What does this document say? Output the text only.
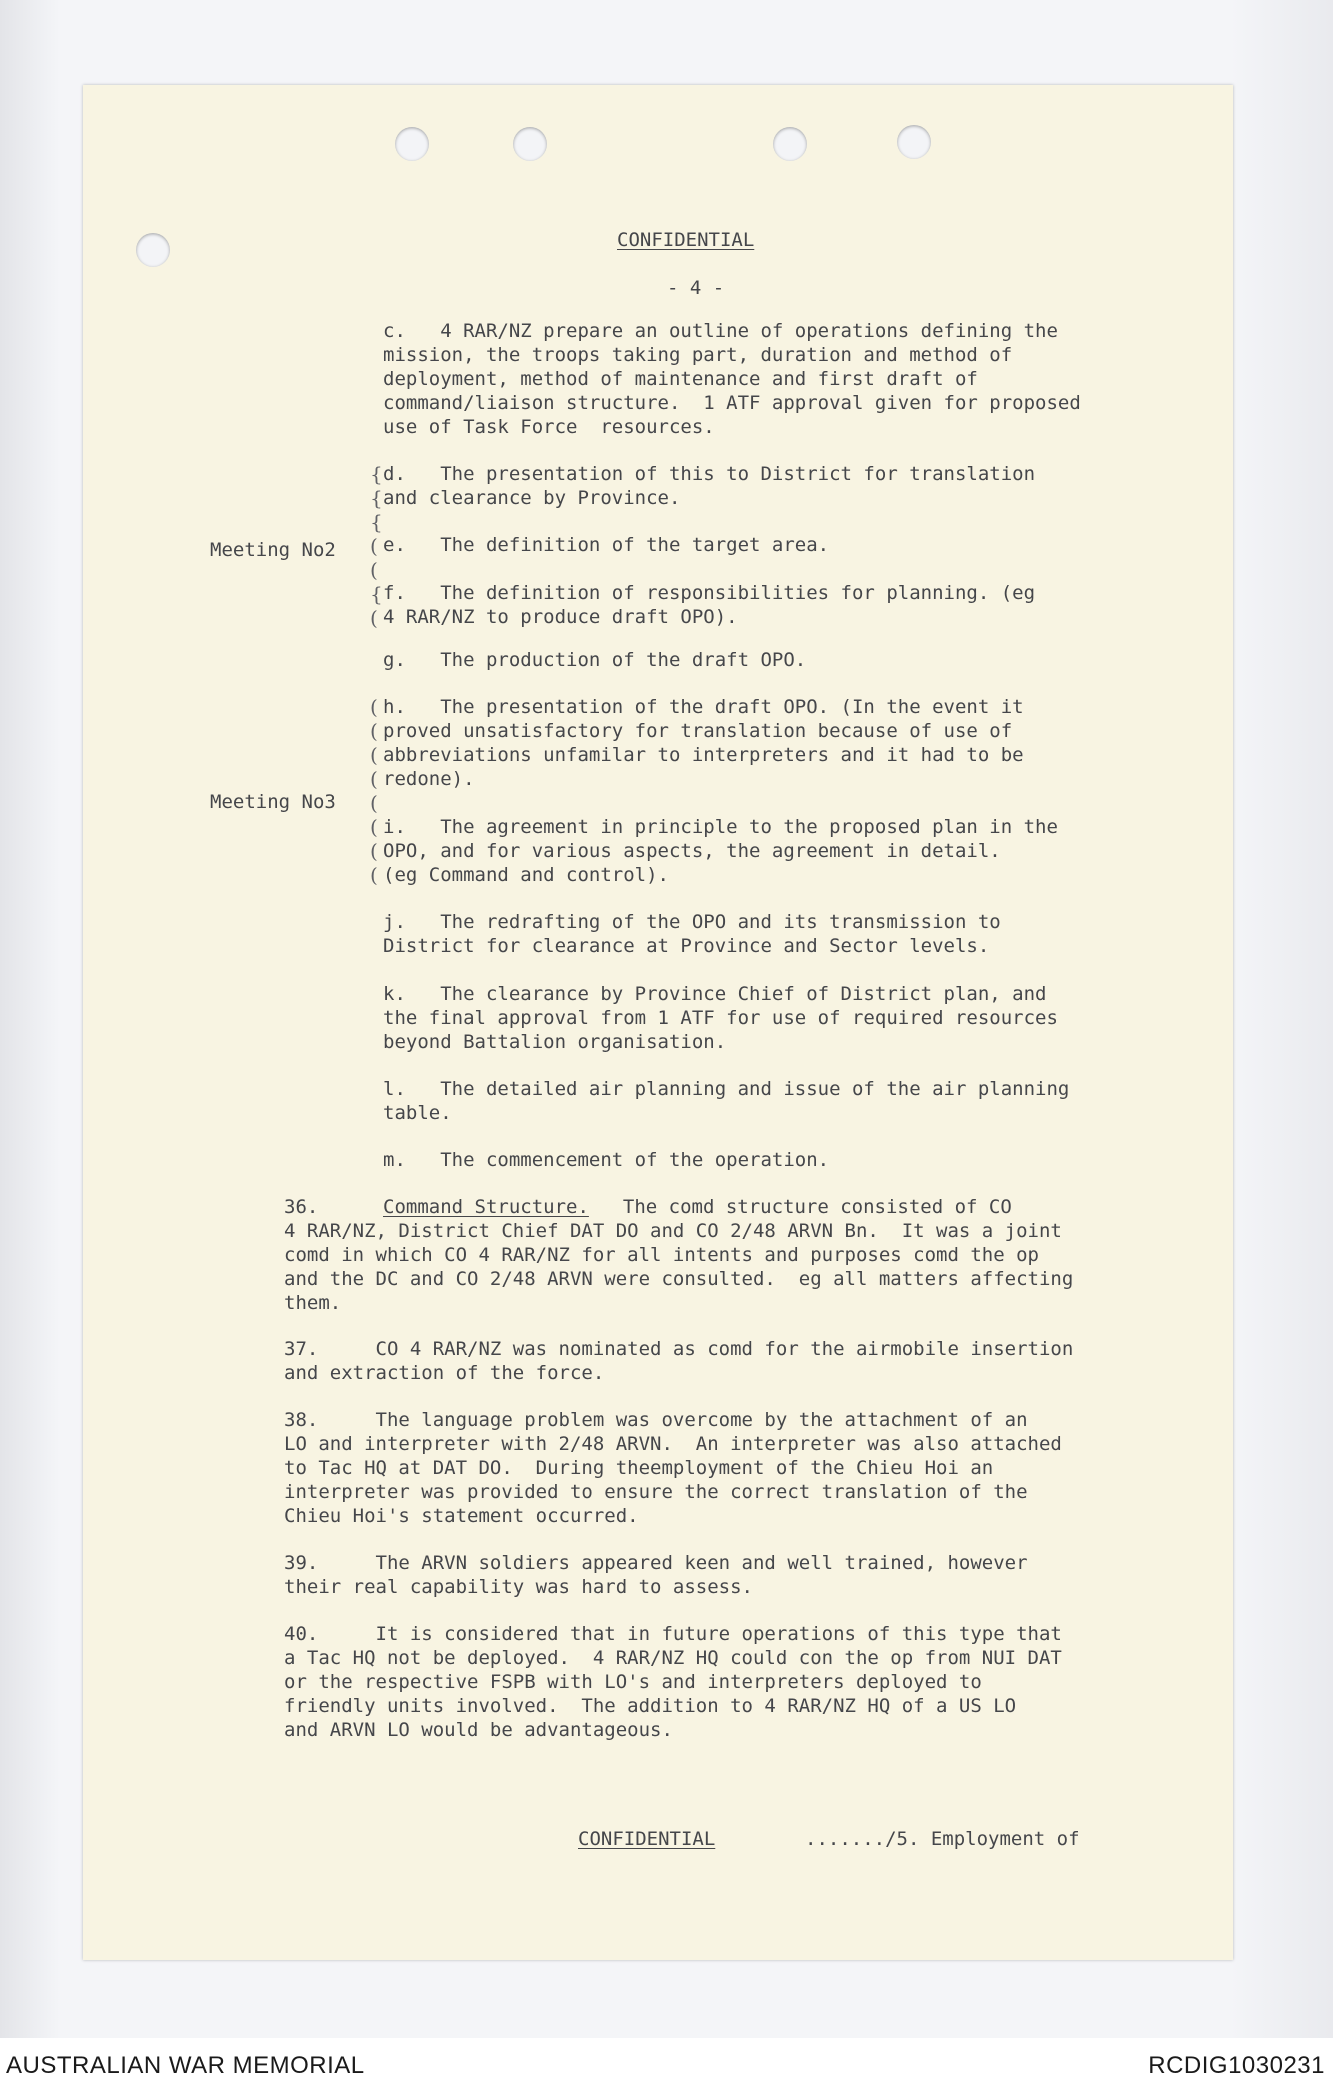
CONFIDENTIAL
- 4 -
c.   4 RAR/NZ prepare an outline of operations defining the
mission, the troops taking part, duration and method of
deployment, method of maintenance and first draft of
command/liaison structure.  1 ATF approval given for proposed
use of Task Force  resources.
{
{
{
(
(
{
(
d.   The presentation of this to District for translation
and clearance by Province.
Meeting No2 e.   The definition of the target area.
f.   The definition of responsibilities for planning. (eg
4 RAR/NZ to produce draft OPO).
g.   The production of the draft OPO.
(
(
(
(
(
(
(
(
h.   The presentation of the draft OPO. (In the event it
proved unsatisfactory for translation because of use of
abbreviations unfamilar to interpreters and it had to be
redone).
Meeting No3
i.   The agreement in principle to the proposed plan in the
OPO, and for various aspects, the agreement in detail.
(eg Command and control).
j.   The redrafting of the OPO and its transmission to
District for clearance at Province and Sector levels.
k.   The clearance by Province Chief of District plan, and
the final approval from 1 ATF for use of required resources
beyond Battalion organisation.
l.   The detailed air planning and issue of the air planning
table.
m.   The commencement of the operation.
36.	Command Structure. The comd structure consisted of CO
4 RAR/NZ, District Chief DAT DO and CO 2/48 ARVN Bn.  It was a joint
comd in which CO 4 RAR/NZ for all intents and purposes comd the op
and the DC and CO 2/48 ARVN were consulted.  eg all matters affecting
them.
37.     CO 4 RAR/NZ was nominated as comd for the airmobile insertion
and extraction of the force.
38.     The language problem was overcome by the attachment of an
LO and interpreter with 2/48 ARVN.  An interpreter was also attached
to Tac HQ at DAT DO.  During theemployment of the Chieu Hoi an
interpreter was provided to ensure the correct translation of the
Chieu Hoi's statement occurred.
39.     The ARVN soldiers appeared keen and well trained, however
their real capability was hard to assess.
40.     It is considered that in future operations of this type that
a Tac HQ not be deployed.  4 RAR/NZ HQ could con the op from NUI DAT
or the respective FSPB with LO's and interpreters deployed to
friendly units involved.  The addition to 4 RAR/NZ HQ of a US LO
and ARVN LO would be advantageous.
CONFIDENTIAL	......./5. Employment of
AUSTRALIAN WAR MEMORIAL	RCDIG1030231
